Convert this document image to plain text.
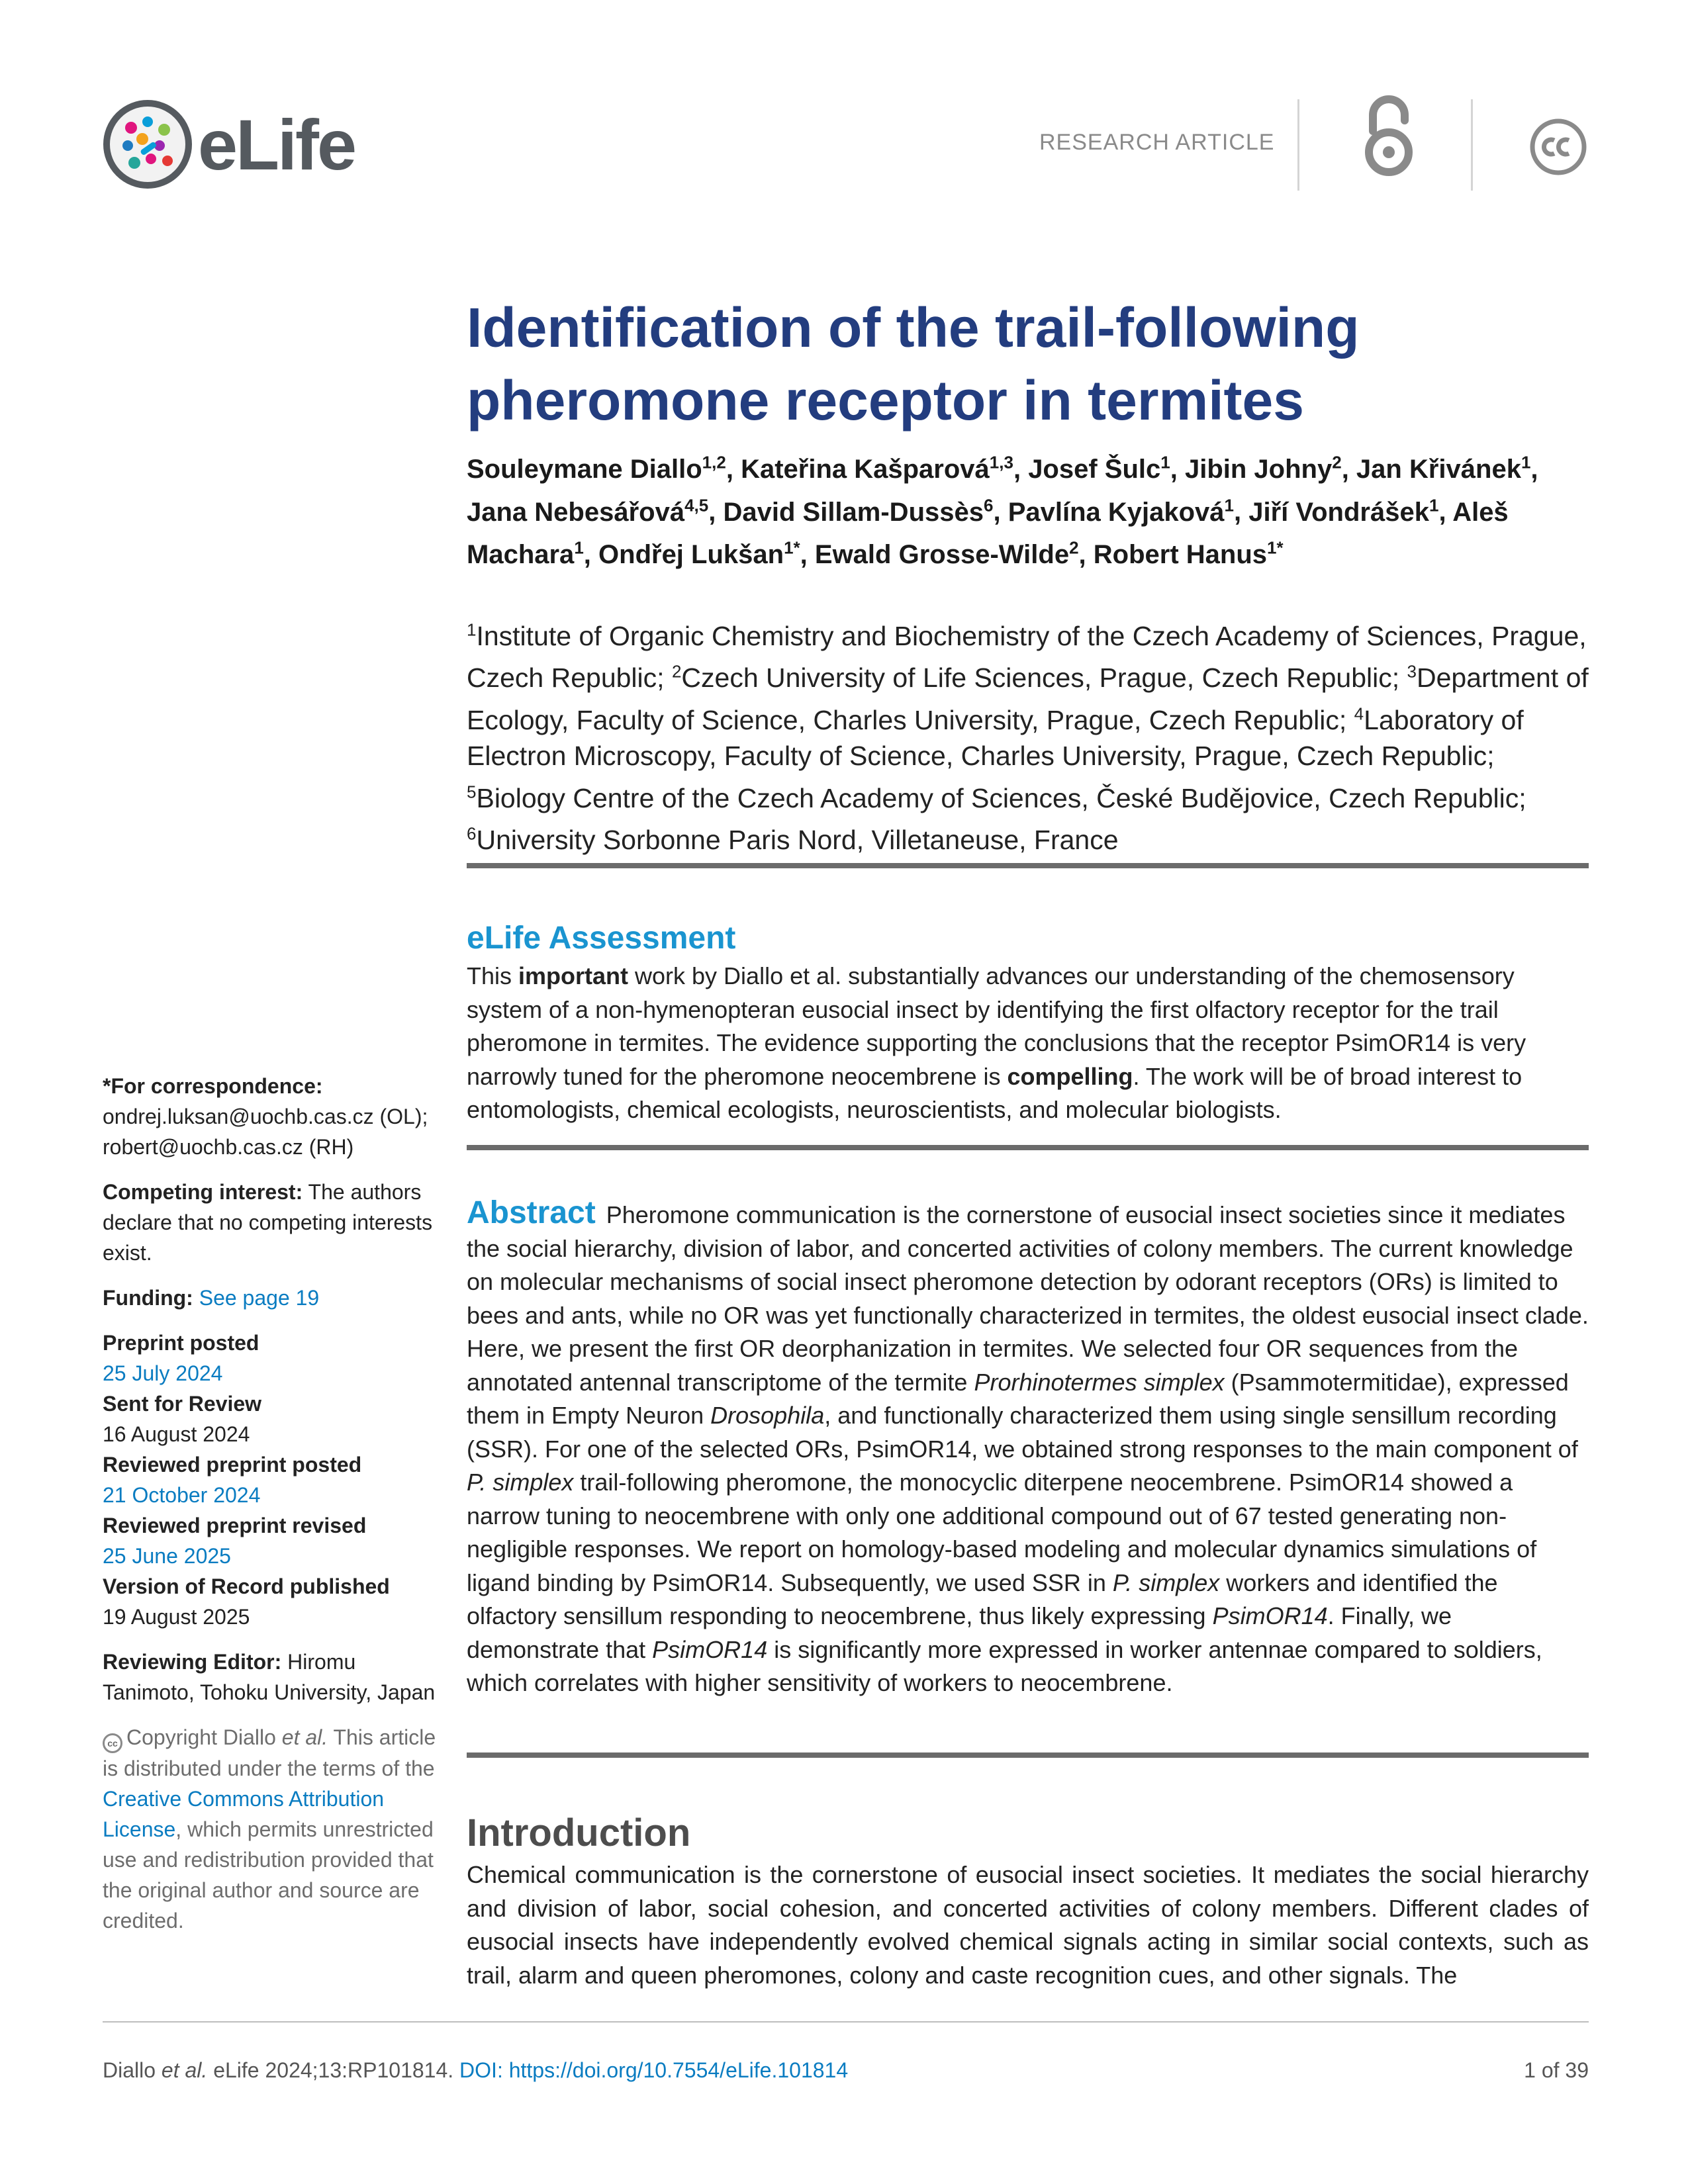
eLife	RESEARCH ARTICLE
Identification of the trail-following pheromone receptor in termites
Souleymane Diallo$^{1,2}$, Kateřina Kašparová$^{1,3}$, Josef Šulc$^1$, Jibin Johny$^2$, Jan Křivánek$^1$, Jana Nebesářová$^{4,5}$, David Sillam-Dussès$^6$, Pavlína Kyjaková$^1$, Jiří Vondrášek$^1$, Aleš Machara$^1$, Ondřej Lukšan$^{1*}$, Ewald Grosse-Wilde$^2$, Robert Hanus$^{1*}$
$^1$Institute of Organic Chemistry and Biochemistry of the Czech Academy of Sciences, Prague, Czech Republic; $^2$Czech University of Life Sciences, Prague, Czech Republic; $^3$Department of Ecology, Faculty of Science, Charles University, Prague, Czech Republic; $^4$Laboratory of Electron Microscopy, Faculty of Science, Charles University, Prague, Czech Republic; $^5$Biology Centre of the Czech Academy of Sciences, České Budějovice, Czech Republic; $^6$University Sorbonne Paris Nord, Villetaneuse, France
eLife Assessment
This important work by Diallo et al. substantially advances our understanding of the chemosensory system of a non-hymenopteran eusocial insect by identifying the first olfactory receptor for the trail pheromone in termites. The evidence supporting the conclusions that the receptor PsimOR14 is very narrowly tuned for the pheromone neocembrene is compelling. The work will be of broad interest to entomologists, chemical ecologists, neuroscientists, and molecular biologists.
Abstract Pheromone communication is the cornerstone of eusocial insect societies since it mediates the social hierarchy, division of labor, and concerted activities of colony members. The current knowledge on molecular mechanisms of social insect pheromone detection by odorant receptors (ORs) is limited to bees and ants, while no OR was yet functionally characterized in termites, the oldest eusocial insect clade. Here, we present the first OR deorphanization in termites. We selected four OR sequences from the annotated antennal transcriptome of the termite Prorhinotermes simplex (Psammotermitidae), expressed them in Empty Neuron Drosophila, and functionally characterized them using single sensillum recording (SSR). For one of the selected ORs, PsimOR14, we obtained strong responses to the main component of P. simplex trail-following pheromone, the monocyclic diterpene neocembrene. PsimOR14 showed a narrow tuning to neocembrene with only one additional compound out of 67 tested generating non-negligible responses. We report on homology-based modeling and molecular dynamics simulations of ligand binding by PsimOR14. Subsequently, we used SSR in P. simplex workers and identified the olfactory sensillum responding to neocembrene, thus likely expressing PsimOR14. Finally, we demonstrate that PsimOR14 is significantly more expressed in worker antennae compared to soldiers, which correlates with higher sensitivity of workers to neocembrene.
Introduction
Chemical communication is the cornerstone of eusocial insect societies. It mediates the social hierarchy and division of labor, social cohesion, and concerted activities of colony members. Different clades of eusocial insects have independently evolved chemical signals acting in similar social contexts, such as trail, alarm and queen pheromones, colony and caste recognition cues, and other signals. The

*For correspondence:

ondrej.luksan@uochb.cas.cz (OL);

robert@uochb.cas.cz (RH)

Competing interest: The authors declare that no competing interests exist.

Funding: See page 19

Preprint posted

25 July 2024

Sent for Review

16 August 2024

Reviewed preprint posted

21 October 2024

Reviewed preprint revised

25 June 2025

Version of Record published

19 August 2025

Reviewing Editor: Hiromu Tanimoto, Tohoku University, Japan

cc Copyright Diallo et al. This article is distributed under the terms of the Creative Commons Attribution License, which permits unrestricted use and redistribution provided that the original author and source are credited.

Diallo et al. eLife 2024;13:RP101814. DOI: https://doi.org/10.7554/eLife.101814	1 of 39
